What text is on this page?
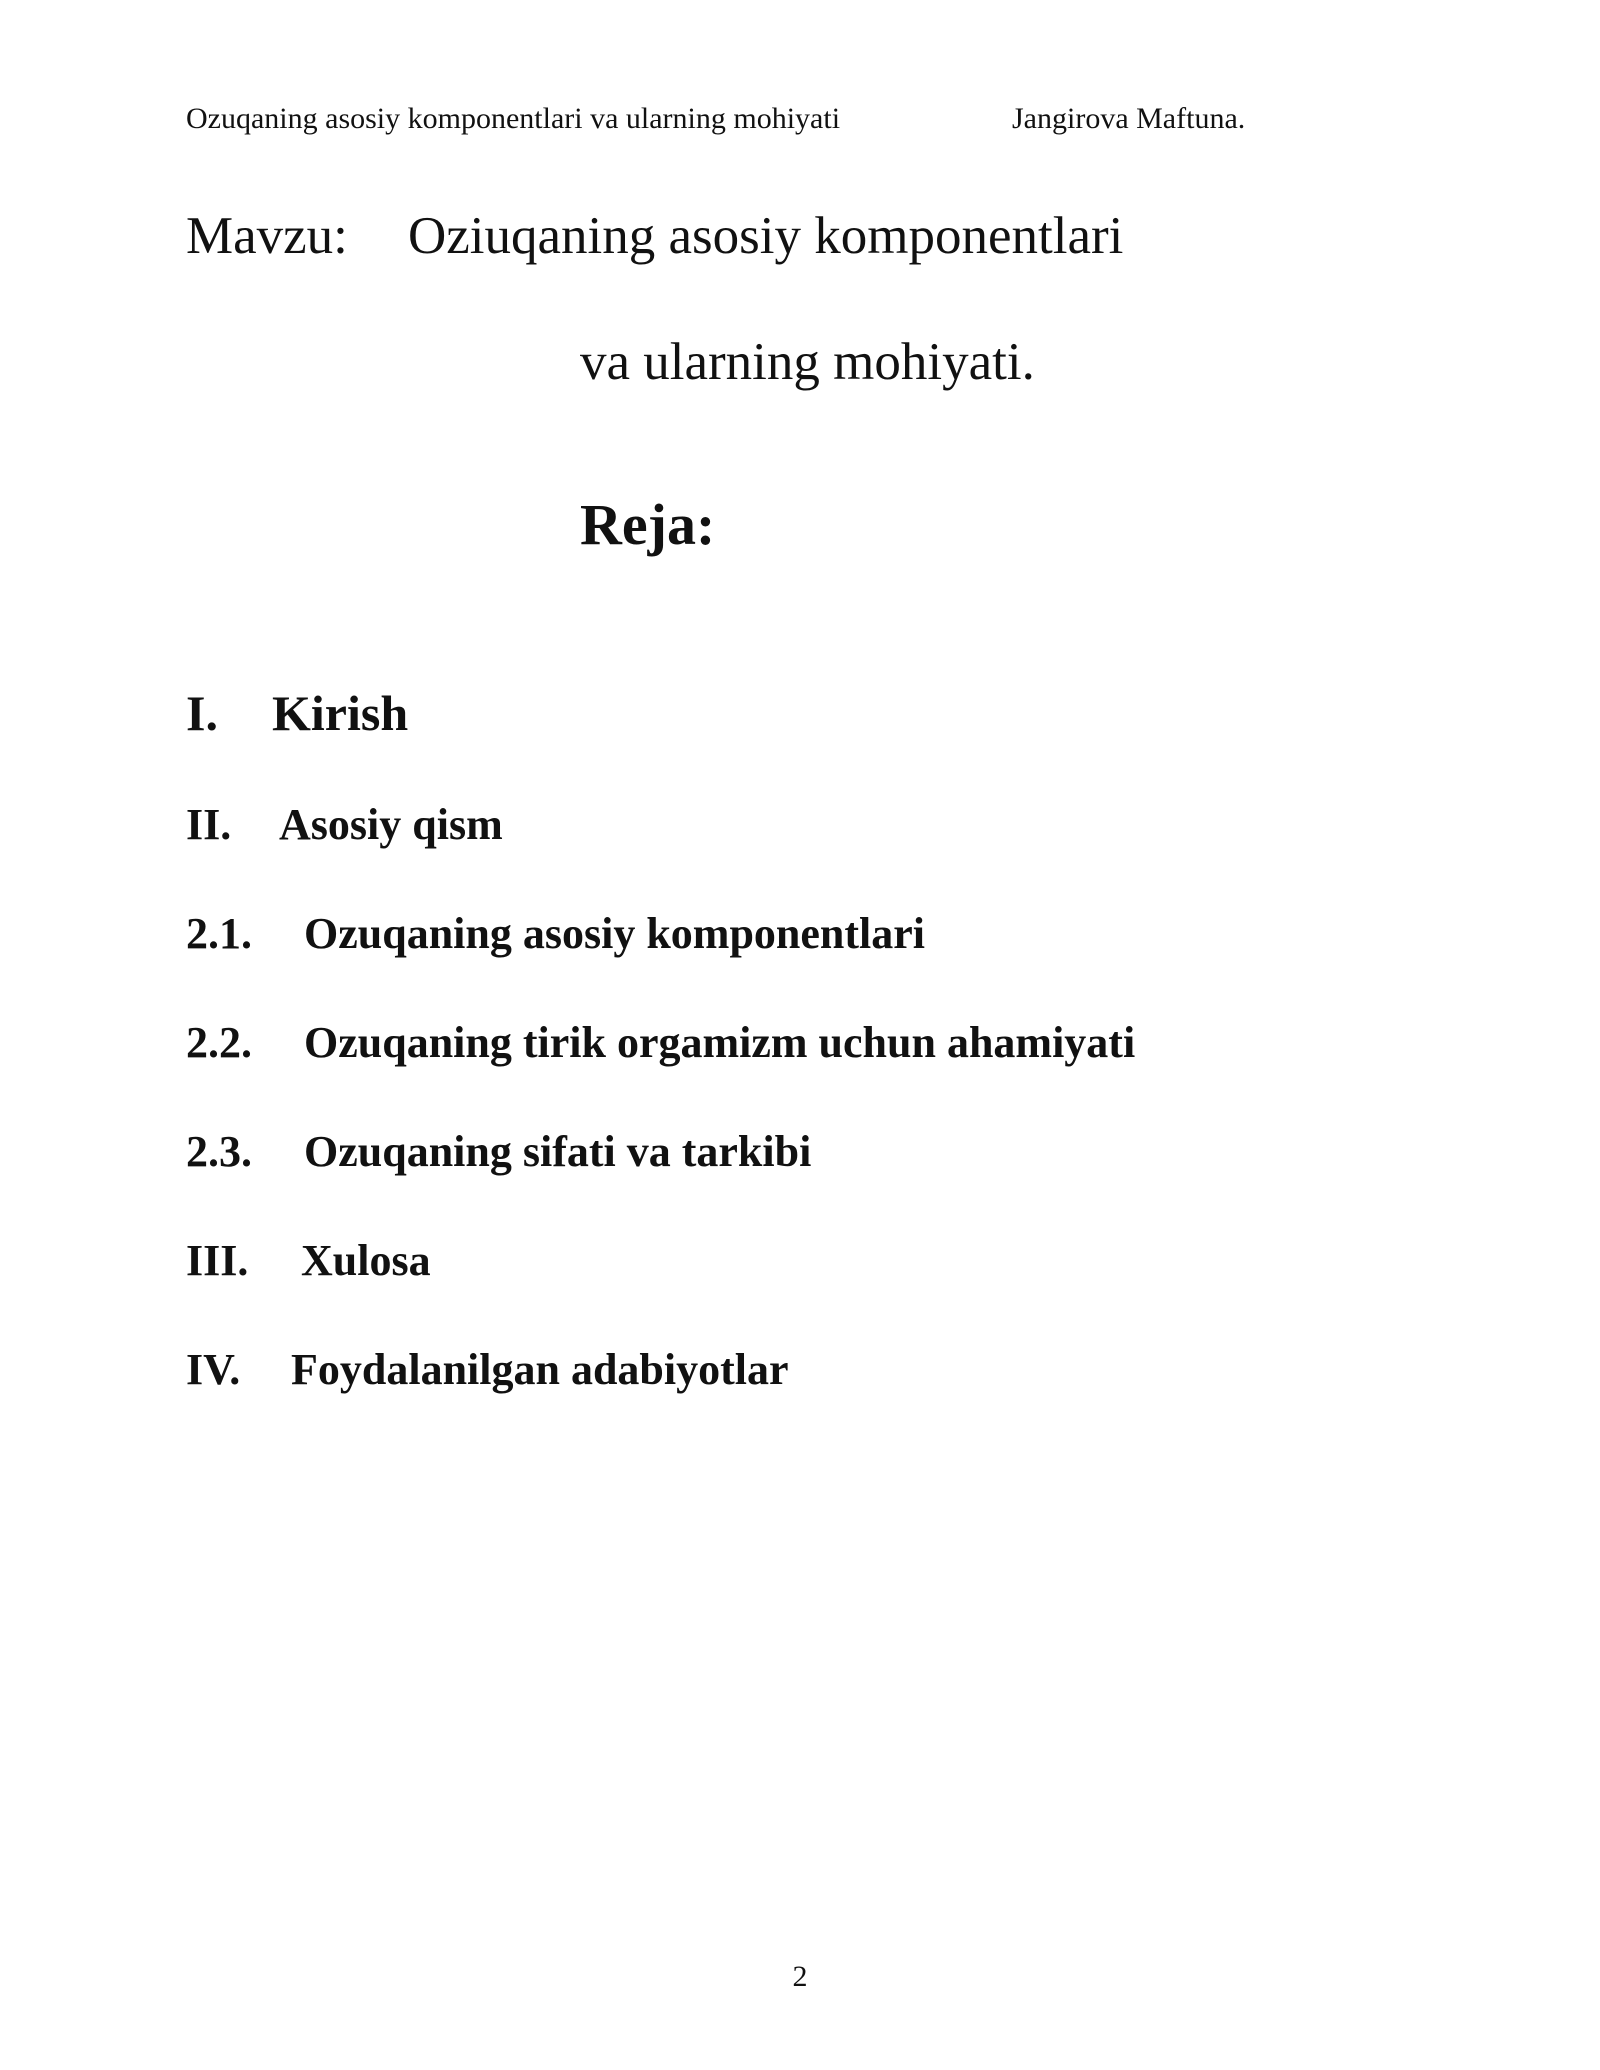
Ozuqaning asosiy komponentlari va ularning mohiyati	Jangirova Maftuna.
Mavzu: Oziuqaning asosiy komponentlari
va ularning mohiyati.
Reja:
I. Kirish
II. Asosiy qism
2.1. Ozuqaning asosiy komponentlari
2.2. Ozuqaning tirik orgamizm uchun ahamiyati
2.3. Ozuqaning sifati va tarkibi
III. Xulosa
IV. Foydalanilgan adabiyotlar
2
